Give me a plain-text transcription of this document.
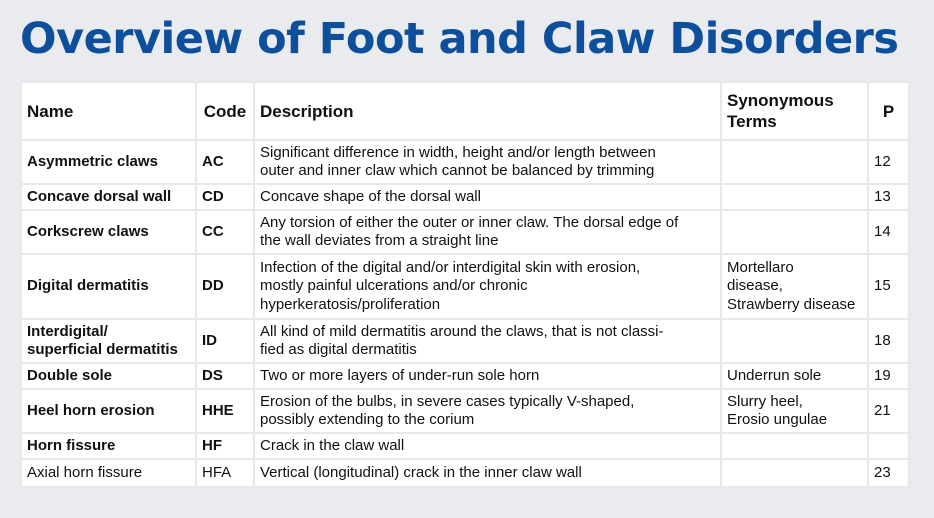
Overview of Foot and Claw Disorders
Name	Code	Description	Synonymous
Terms	P
Asymmetric claws	AC	Significant difference in width, height and/or length between
outer and inner claw which cannot be balanced by trimming		12
Concave dorsal wall	CD	Concave shape of the dorsal wall		13
Corkscrew claws	CC	Any torsion of either the outer or inner claw. The dorsal edge of
the wall deviates from a straight line		14
Digital dermatitis	DD	Infection of the digital and/or interdigital skin with erosion,
mostly painful ulcerations and/or chronic
hyperkeratosis/proliferation	Mortellaro
disease,
Strawberry disease	15
Interdigital/
superficial dermatitis	ID	All kind of mild dermatitis around the claws, that is not classi-
fied as digital dermatitis		18
Double sole	DS	Two or more layers of under-run sole horn	Underrun sole	19
Heel horn erosion	HHE	Erosion of the bulbs, in severe cases typically V-shaped,
possibly extending to the corium	Slurry heel,
Erosio ungulae	21
Horn fissure	HF	Crack in the claw wall		
Axial horn fissure	HFA	Vertical (longitudinal) crack in the inner claw wall		23
